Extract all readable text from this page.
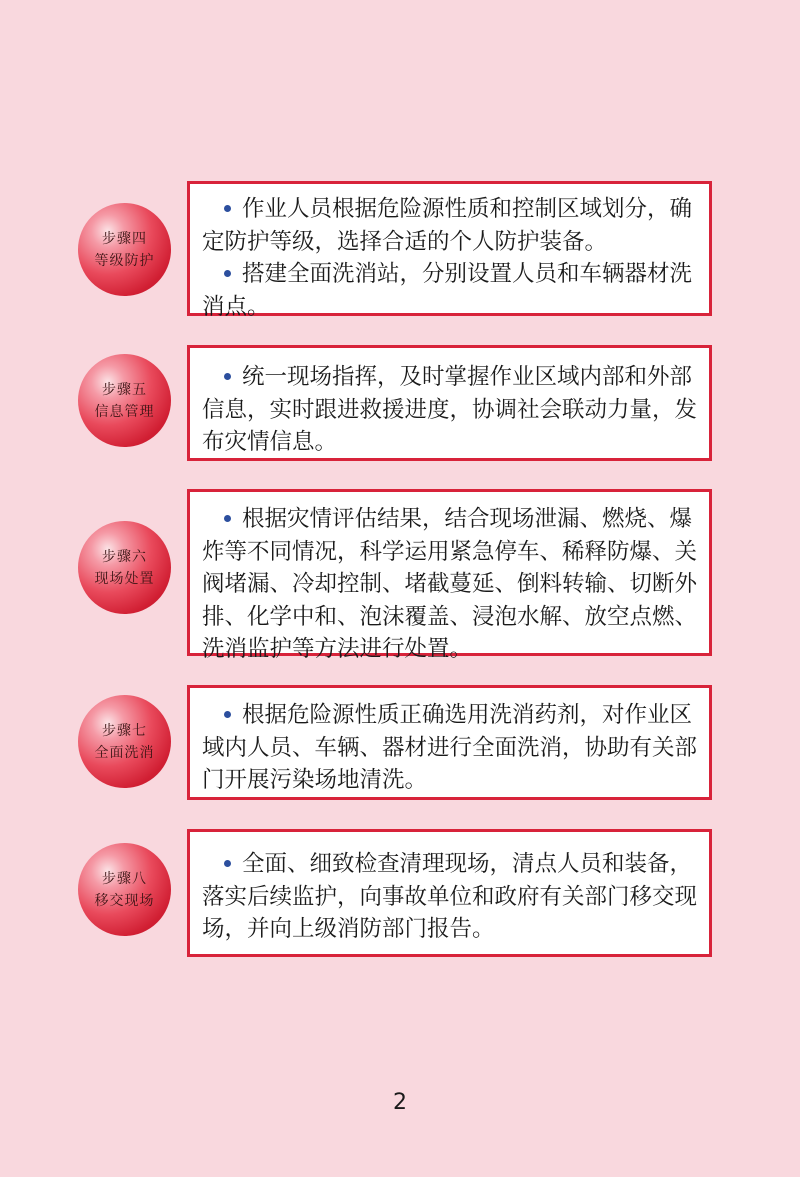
步骤四
等级防护

作业人员根据危险源性质和控制区域划分，确定防护等级，选择合适的个人防护装备。

搭建全面洗消站，分别设置人员和车辆器材洗消点。

步骤五
信息管理

统一现场指挥，及时掌握作业区域内部和外部信息，实时跟进救援进度，协调社会联动力量，发布灾情信息。

步骤六
现场处置

根据灾情评估结果，结合现场泄漏、燃烧、爆炸等不同情况，科学运用紧急停车、稀释防爆、关阀堵漏、冷却控制、堵截蔓延、倒料转输、切断外排、化学中和、泡沫覆盖、浸泡水解、放空点燃、洗消监护等方法进行处置。

步骤七
全面洗消

根据危险源性质正确选用洗消药剂，对作业区域内人员、车辆、器材进行全面洗消，协助有关部门开展污染场地清洗。

步骤八
移交现场

全面、细致检查清理现场，清点人员和装备，落实后续监护，向事故单位和政府有关部门移交现场，并向上级消防部门报告。

2
